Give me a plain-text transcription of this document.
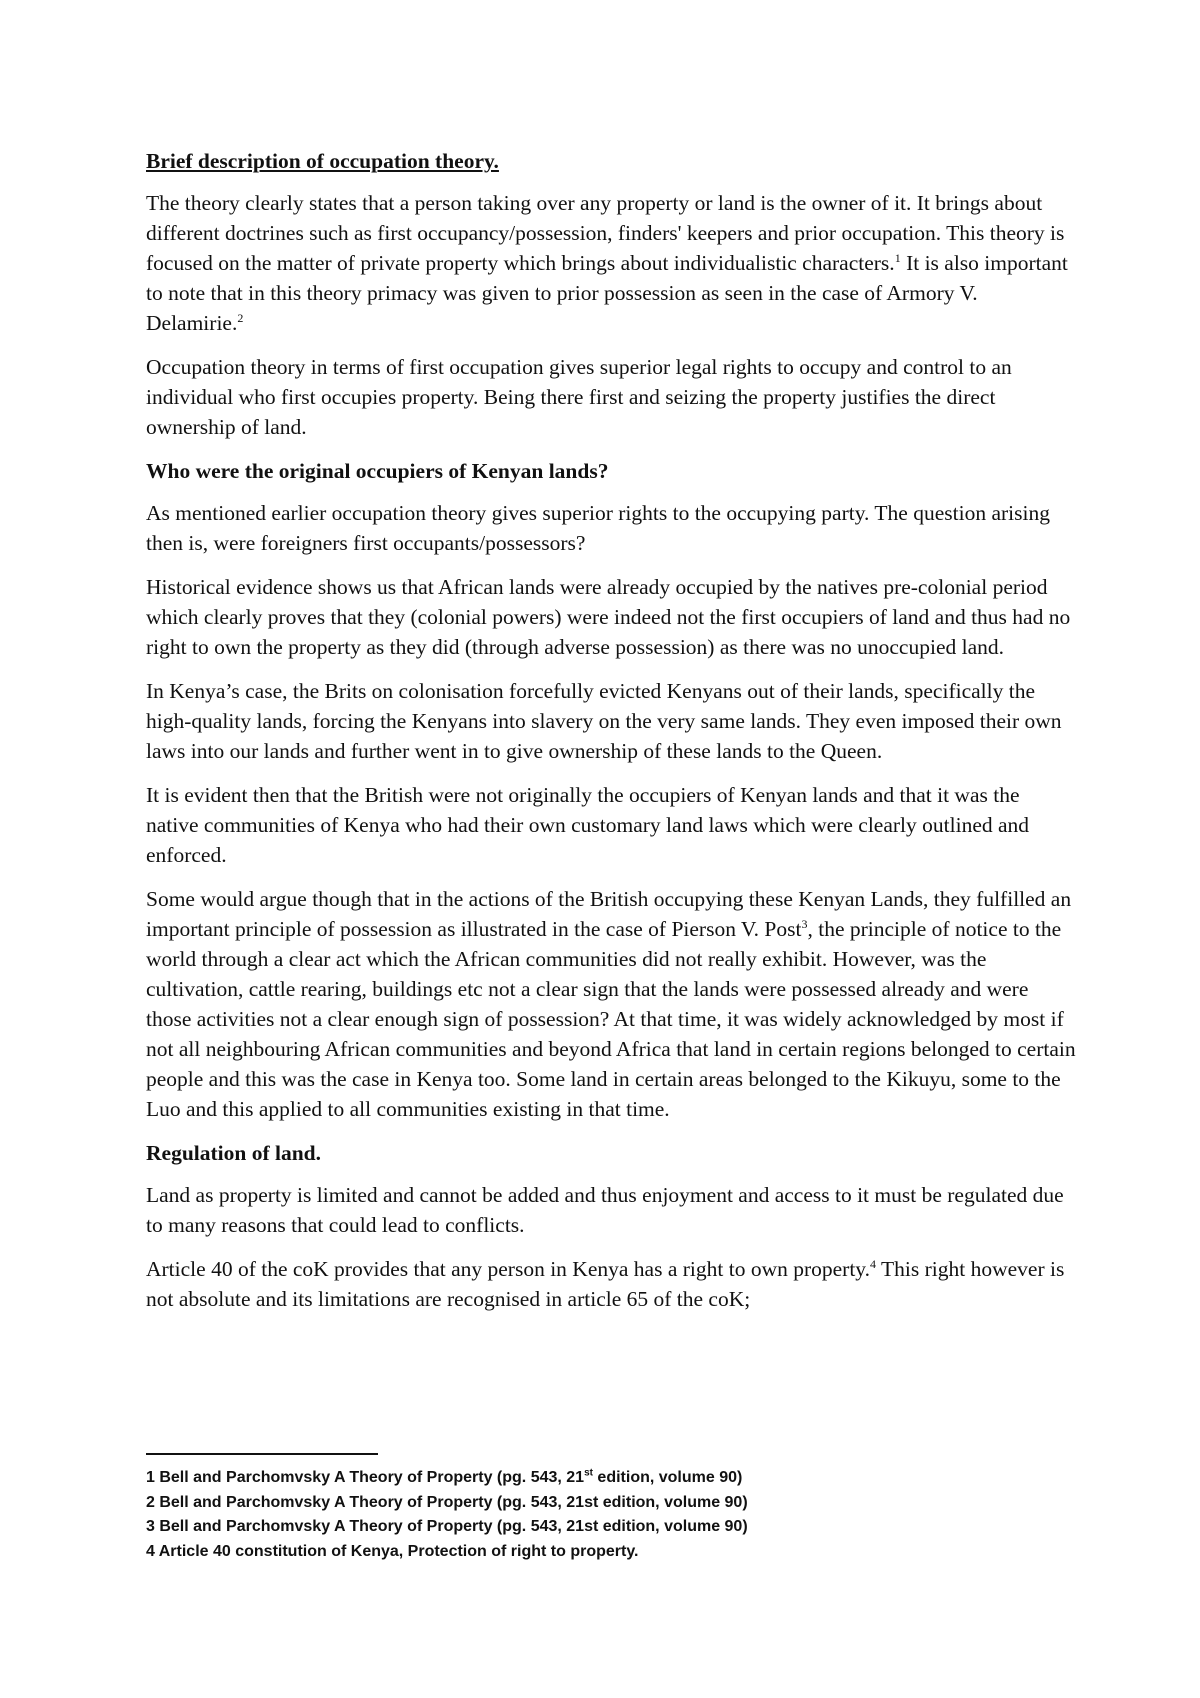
Brief description of occupation theory.

The theory clearly states that a person taking over any property or land is the owner of it. It brings about different doctrines such as first occupancy/possession, finders' keepers and prior occupation. This theory is focused on the matter of private property which brings about individualistic characters.$^1$ It is also important to note that in this theory primacy was given to prior possession as seen in the case of Armory V. Delamirie.$^2$

Occupation theory in terms of first occupation gives superior legal rights to occupy and control to an individual who first occupies property. Being there first and seizing the property justifies the direct ownership of land.

Who were the original occupiers of Kenyan lands?

As mentioned earlier occupation theory gives superior rights to the occupying party. The question arising then is, were foreigners first occupants/possessors?

Historical evidence shows us that African lands were already occupied by the natives pre-colonial period which clearly proves that they (colonial powers) were indeed not the first occupiers of land and thus had no right to own the property as they did (through adverse possession) as there was no unoccupied land.

In Kenya’s case, the Brits on colonisation forcefully evicted Kenyans out of their lands, specifically the high-quality lands, forcing the Kenyans into slavery on the very same lands. They even imposed their own laws into our lands and further went in to give ownership of these lands to the Queen.

It is evident then that the British were not originally the occupiers of Kenyan lands and that it was the native communities of Kenya who had their own customary land laws which were clearly outlined and enforced.

Some would argue though that in the actions of the British occupying these Kenyan Lands, they fulfilled an important principle of possession as illustrated in the case of Pierson V. Post$^3$, the principle of notice to the world through a clear act which the African communities did not really exhibit. However, was the cultivation, cattle rearing, buildings etc not a clear sign that the lands were possessed already and were those activities not a clear enough sign of possession? At that time, it was widely acknowledged by most if not all neighbouring African communities and beyond Africa that land in certain regions belonged to certain people and this was the case in Kenya too. Some land in certain areas belonged to the Kikuyu, some to the Luo and this applied to all communities existing in that time.

Regulation of land.

Land as property is limited and cannot be added and thus enjoyment and access to it must be regulated due to many reasons that could lead to conflicts.

Article 40 of the coK provides that any person in Kenya has a right to own property.$^4$ This right however is not absolute and its limitations are recognised in article 65 of the coK;

1 Bell and Parchomvsky A Theory of Property (pg. 543, 21st edition, volume 90)
2 Bell and Parchomvsky A Theory of Property (pg. 543, 21st edition, volume 90)
3 Bell and Parchomvsky A Theory of Property (pg. 543, 21st edition, volume 90)
4 Article 40 constitution of Kenya, Protection of right to property.
